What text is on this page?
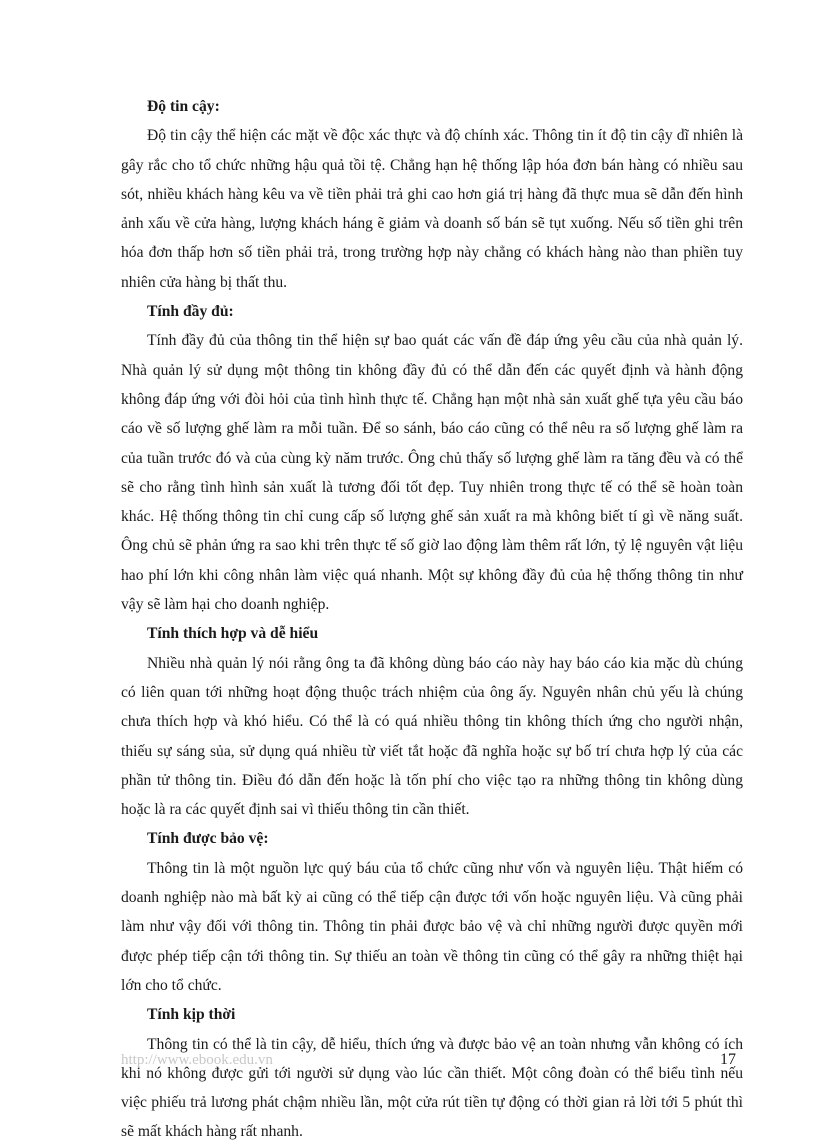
Độ tin cậy:

Độ tin cậy thể hiện các mặt về độc xác thực và độ chính xác. Thông tin ít độ tin cậy dĩ nhiên là gây rắc cho tổ chức những hậu quả tồi tệ. Chẳng hạn hệ thống lập hóa đơn bán hàng có nhiều sau sót, nhiều khách hàng kêu va về tiền phải trả ghi cao hơn giá trị hàng đã thực mua sẽ dẫn đến hình ảnh xấu về cửa hàng, lượng khách háng ẽ giảm và doanh số bán sẽ tụt xuống. Nếu số tiền ghi trên hóa đơn thấp hơn số tiền phải trả, trong trường hợp này chẳng có khách hàng nào than phiền tuy nhiên cửa hàng bị thất thu.

Tính đầy đủ:

Tính đầy đủ của thông tin thể hiện sự bao quát các vấn đề đáp ứng yêu cầu của nhà quản lý. Nhà quản lý sử dụng một thông tin không đầy đủ có thể dẫn đến các quyết định và hành động không đáp ứng với đòi hỏi của tình hình thực tế. Chẳng hạn một nhà sản xuất ghế tựa yêu cầu báo cáo về số lượng ghế làm ra mỗi tuần. Để so sánh, báo cáo cũng có thể nêu ra số lượng ghế làm ra của tuần trước đó và của cùng kỳ năm trước. Ông chủ thấy số lượng ghế làm ra tăng đều và có thể sẽ cho rằng tình hình sản xuất là tương đối tốt đẹp. Tuy nhiên trong thực tế có thể sẽ hoàn toàn khác. Hệ thống thông tin chỉ cung cấp số lượng ghế sản xuất ra mà không biết tí gì về năng suất. Ông chủ sẽ phản ứng ra sao khi trên thực tế số giờ lao động làm thêm rất lớn, tỷ lệ nguyên vật liệu hao phí lớn khi công nhân làm việc quá nhanh. Một sự không đầy đủ của hệ thống thông tin như vậy sẽ làm hại cho doanh nghiệp.

Tính thích hợp và dễ hiểu

Nhiều nhà quản lý nói rằng ông ta đã không dùng báo cáo này hay báo cáo kia mặc dù chúng có liên quan tới những hoạt động thuộc trách nhiệm của ông ấy. Nguyên nhân chủ yếu là chúng chưa thích hợp và khó hiểu. Có thể là có quá nhiều thông tin không thích ứng cho người nhận, thiếu sự sáng sủa, sử dụng quá nhiều từ viết tắt hoặc đã nghĩa hoặc sự bố trí chưa hợp lý của các phần tử thông tin. Điều đó dẫn đến hoặc là tốn phí cho việc tạo ra những thông tin không dùng hoặc là ra các quyết định sai vì thiếu thông tin cần thiết.

Tính được bảo vệ:

Thông tin là một nguồn lực quý báu của tổ chức cũng như vốn và nguyên liệu. Thật hiếm có doanh nghiệp nào mà bất kỳ ai cũng có thể tiếp cận được tới vốn hoặc nguyên liệu. Và cũng phải làm như vậy đối với thông tin. Thông tin phải được bảo vệ và chỉ những người được quyền mới được phép tiếp cận tới thông tin. Sự thiếu an toàn về thông tin cũng có thể gây ra những thiệt hại lớn cho tổ chức.

Tính kịp thời

Thông tin có thể là tin cậy, dễ hiểu, thích ứng và được bảo vệ an toàn nhưng vẫn không có ích khi nó không được gửi tới người sử dụng vào lúc cần thiết. Một công đoàn có thể biểu tình nếu việc phiếu trả lương phát chậm nhiều lần, một cửa rút tiền tự động có thời gian rả lời tới 5 phút thì sẽ mất khách hàng rất nhanh.

http://www.ebook.edu.vn	17
